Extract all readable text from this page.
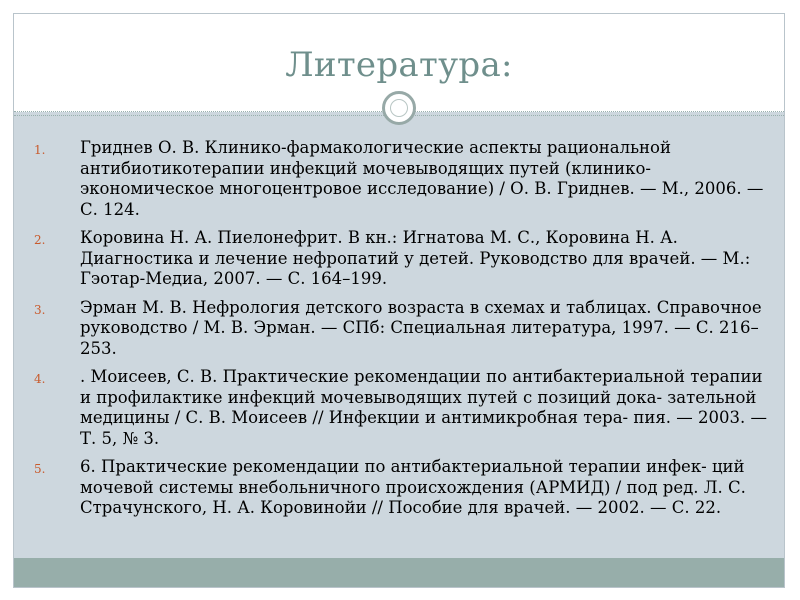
Литература:
1.	Гриднев О. В. Клинико-фармакологические аспекты рациональной антибиотикотерапии инфекций мочевыводящих путей (клинико-экономическое многоцентровое исследование) / О. В. Гриднев. — М., 2006. — С. 124.
2.	Коровина Н. А. Пиелонефрит. В кн.: Игнатова М. С., Коровина Н. А. Диагностика и лечение нефропатий у детей. Руководство для врачей. — М.: Гэотар-Медиа, 2007. — С. 164–199.
3.	Эрман М. В. Нефрология детского возраста в схемах и таблицах. Справочное руководство / М. В. Эрман. — СПб: Специальная литература, 1997. — С. 216–253.
4.	. Моисеев, С. В. Практические рекомендации по антибактериальной терапии и профилактике инфекций мочевыводящих путей с позиций дока- зательной медицины / С. В. Моисеев // Инфекции и антимикробная тера- пия. — 2003. — Т. 5, № 3.
5.	6. Практические рекомендации по антибактериальной терапии инфек- ций мочевой системы внебольничного происхождения (АРМИД) / под ред. Л. С. Страчунского, Н. А. Коровинойи // Пособие для врачей. — 2002. — С. 22.
